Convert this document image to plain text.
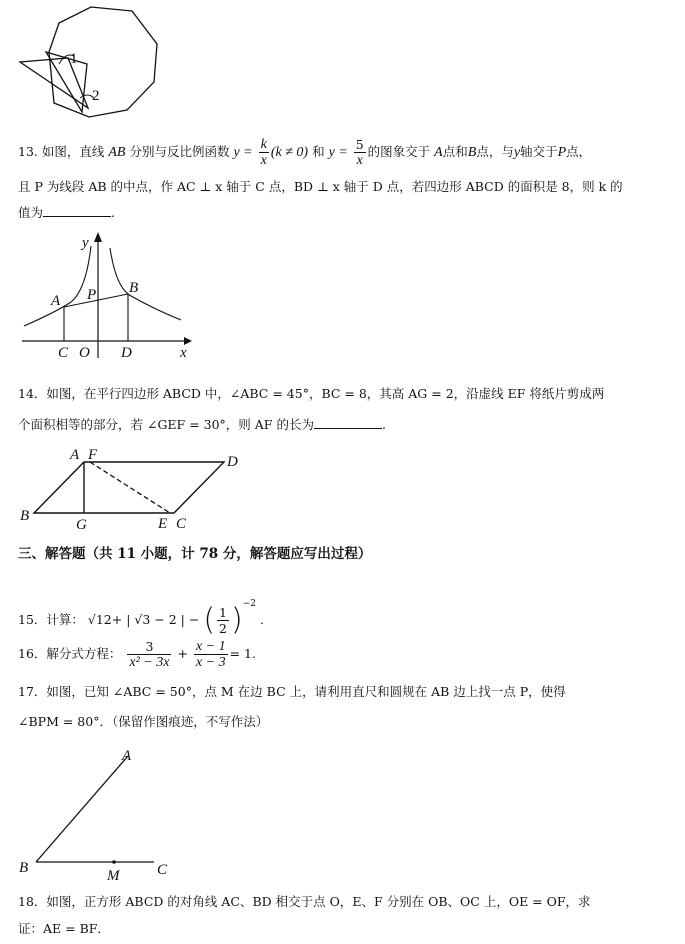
1
2
13. 如图，直线 AB 分别与反比例函数 $y = \frac{k}{x} (k \ne 0)$ 和 $y = \frac{5}{x}$ 的图象交于 A点和B点，与y轴交于P点，
且 P 为线段 AB 的中点，作 AC ⊥ x 轴于 C 点，BD ⊥ x 轴于 D 点，若四边形 ABCD 的面积是 8，则 k 的
值为	.
y
x
A P B
C O D
14．如图，在平行四边形 ABCD 中，∠ABC = 45°，BC = 8，其高 AG = 2，沿虚线 EF 将纸片剪成两
个面积相等的部分，若 ∠GEF = 30°，则 AF 的长为	.
A F	D
B
G	E C
三、解答题（共 11 小题，计 78 分，解答题应写出过程）
15．计算： √12+ | √3 − 2 | − ( $\frac{1}{2} )^{-2}$ .
16．解分式方程： $\frac{3}{\text{x² − 3x}} + \frac{x - 1}{x - 3} = 1$.
17．如图，已知 ∠ABC = 50°，点 M 在边 BC 上，请利用直尺和圆规在 AB 边上找一点 P，使得
∠BPM = 80°．（保留作图痕迹，不写作法）
A
B	M	C
18．如图，正方形 ABCD 的对角线 AC、BD 相交于点 O，E、F 分别在 OB、OC 上，OE = OF，求
证：AE = BF．
